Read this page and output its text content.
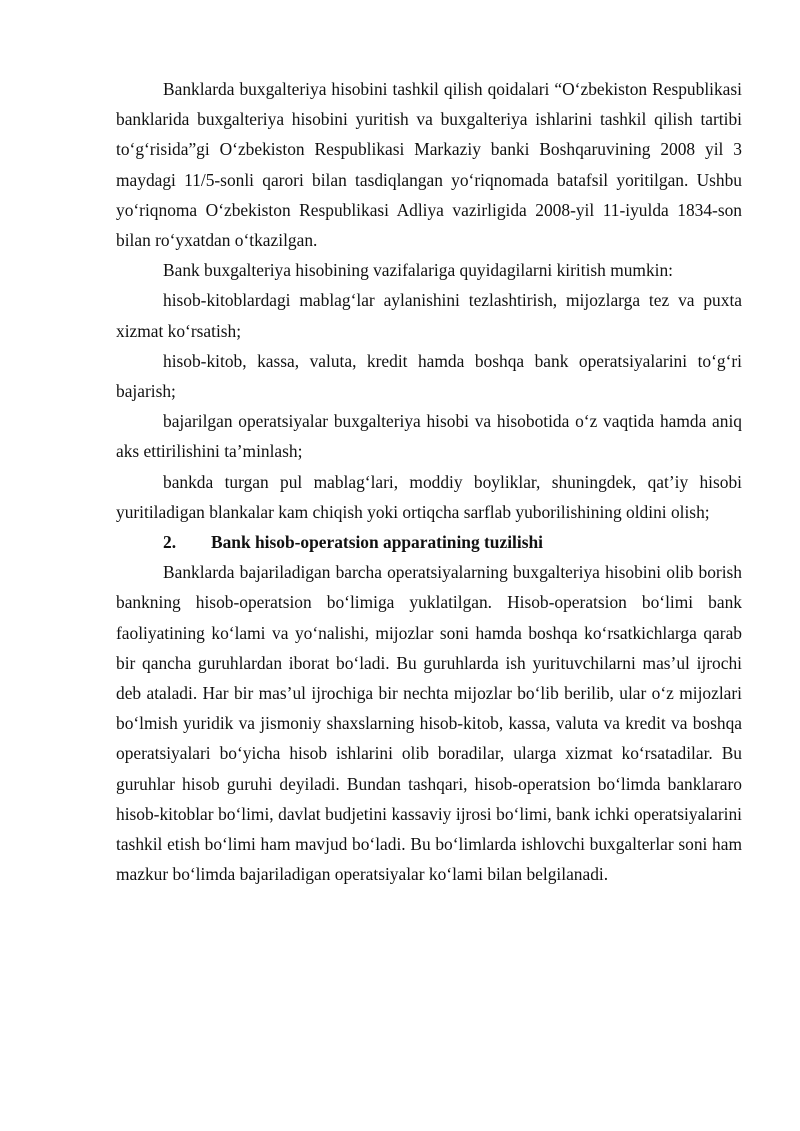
Banklarda buxgalteriya hisobini tashkil qilish qoidalari “O‘zbekiston Respublikasi banklarida buxgalteriya hisobini yuritish va buxgalteriya ishlarini tashkil qilish tartibi to‘g‘risida”gi O‘zbekiston Respublikasi Markaziy banki Boshqaruvining 2008 yil 3 maydagi 11/5-sonli qarori bilan tasdiqlangan yo‘riqnomada batafsil yoritilgan. Ushbu yo‘riqnoma O‘zbekiston Respublikasi Adliya vazirligida 2008-yil 11-iyulda 1834-son bilan ro‘yxatdan o‘tkazilgan.

Bank buxgalteriya hisobining vazifalariga quyidagilarni kiritish mumkin:

hisob-kitoblardagi mablag‘lar aylanishini tezlashtirish, mijozlarga tez va puxta xizmat ko‘rsatish;

hisob-kitob, kassa, valuta, kredit hamda boshqa bank operatsiyalarini to‘g‘ri bajarish;

bajarilgan operatsiyalar buxgalteriya hisobi va hisobotida o‘z vaqtida hamda aniq aks ettirilishini ta’minlash;

bankda turgan pul mablag‘lari, moddiy boyliklar, shuningdek, qat’iy hisobi yuritiladigan blankalar kam chiqish yoki ortiqcha sarflab yuborilishining oldini olish;

2.	Bank hisob-operatsion apparatining tuzilishi

Banklarda bajariladigan barcha operatsiyalarning buxgalteriya hisobini olib borish bankning hisob-operatsion bo‘limiga yuklatilgan. Hisob-operatsion bo‘limi bank faoliyatining ko‘lami va yo‘nalishi, mijozlar soni hamda boshqa ko‘rsatkichlarga qarab bir qancha guruhlardan iborat bo‘ladi. Bu guruhlarda ish yurituvchilarni mas’ul ijrochi deb ataladi. Har bir mas’ul ijrochiga bir nechta mijozlar bo‘lib berilib, ular o‘z mijozlari bo‘lmish yuridik va jismoniy shaxslarning hisob-kitob, kassa, valuta va kredit va boshqa operatsiyalari bo‘yicha hisob ishlarini olib boradilar, ularga xizmat ko‘rsatadilar. Bu guruhlar hisob guruhi deyiladi. Bundan tashqari, hisob-operatsion bo‘limda banklararo hisob-kitoblar bo‘limi, davlat budjetini kassaviy ijrosi bo‘limi, bank ichki operatsiyalarini tashkil etish bo‘limi ham mavjud bo‘ladi. Bu bo‘limlarda ishlovchi buxgalterlar soni ham mazkur bo‘limda bajariladigan operatsiyalar ko‘lami bilan belgilanadi.
